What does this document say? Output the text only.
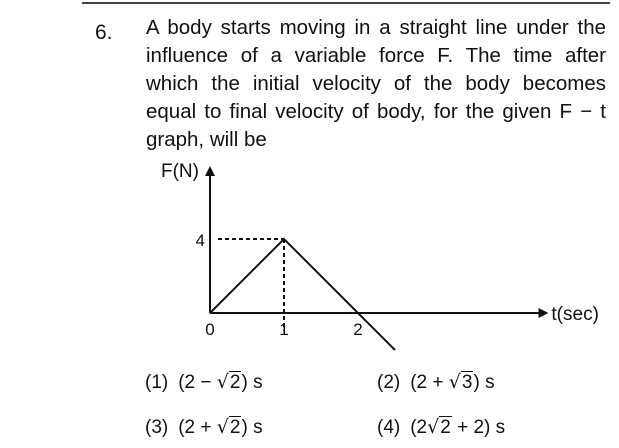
6. A body starts moving in a straight line under the
influence of a variable force F. The time after
which the initial velocity of the body becomes
equal to final velocity of body, for the given F − t
graph, will be
F(N)
t(sec)
4
0	1	2
(1) (2 − √2) s	(2) (2 + √3) s
(3) (2 + √2) s	(4) (2√2 + 2) s
